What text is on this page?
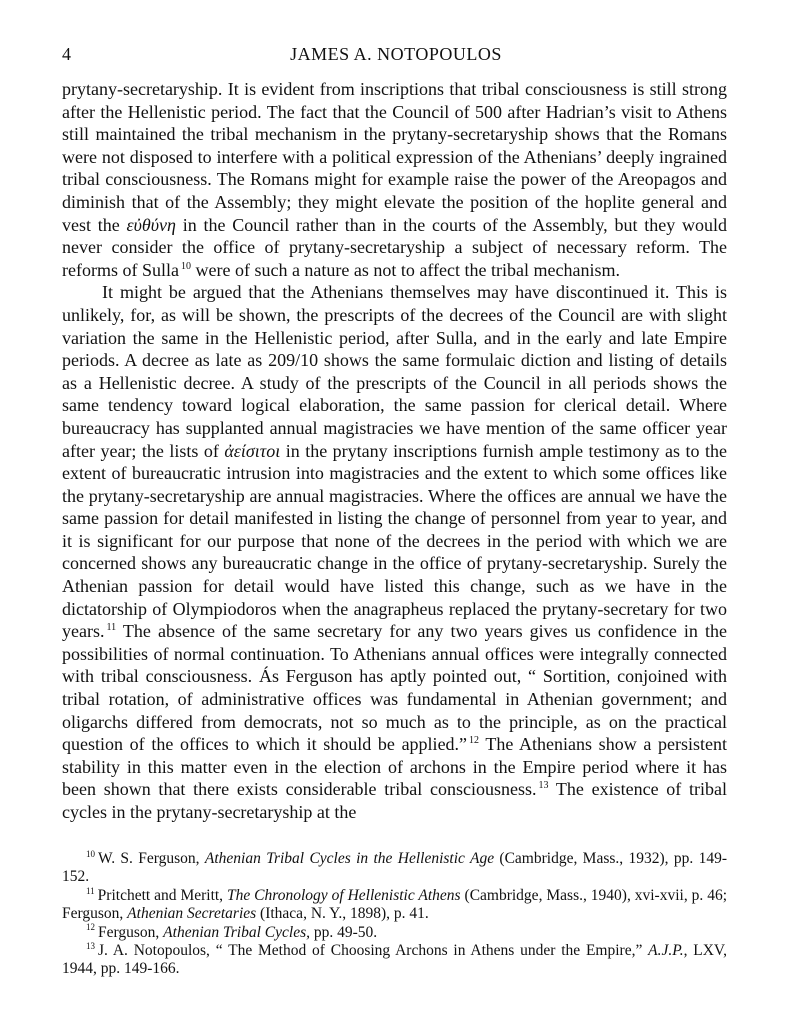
4	JAMES A. NOTOPOULOS

prytany-secretaryship. It is evident from inscriptions that tribal consciousness is still strong after the Hellenistic period. The fact that the Council of 500 after Hadrian’s visit to Athens still maintained the tribal mechanism in the prytany-secretaryship shows that the Romans were not disposed to interfere with a political expression of the Athenians’ deeply ingrained tribal consciousness. The Romans might for example raise the power of the Areopagos and diminish that of the Assembly; they might elevate the position of the hoplite general and vest the εὐθύνη in the Council rather than in the courts of the Assembly, but they would never consider the office of prytany-secretaryship a subject of necessary reform. The reforms of Sulla $^{10}$ were of such a nature as not to affect the tribal mechanism.

It might be argued that the Athenians themselves may have discontinued it. This is unlikely, for, as will be shown, the prescripts of the decrees of the Council are with slight variation the same in the Hellenistic period, after Sulla, and in the early and late Empire periods. A decree as late as 209/10 shows the same formulaic diction and listing of details as a Hellenistic decree. A study of the prescripts of the Council in all periods shows the same tendency toward logical elaboration, the same passion for clerical detail. Where bureaucracy has supplanted annual magistracies we have mention of the same officer year after year; the lists of ἀείσιτοι in the prytany inscriptions furnish ample testimony as to the extent of bureaucratic intrusion into magistracies and the extent to which some offices like the prytany-secretaryship are annual magistracies. Where the offices are annual we have the same passion for detail manifested in listing the change of personnel from year to year, and it is significant for our purpose that none of the decrees in the period with which we are concerned shows any bureaucratic change in the office of prytany-secretaryship. Surely the Athenian passion for detail would have listed this change, such as we have in the dictatorship of Olympiodoros when the anagrapheus replaced the prytany-secretary for two years. $^{11}$ The absence of the same secretary for any two years gives us confidence in the possibilities of normal continuation. To Athenians annual offices were integrally connected with tribal consciousness. Ás Ferguson has aptly pointed out, “ Sortition, conjoined with tribal rotation, of administrative offices was fundamental in Athenian government; and oligarchs differed from democrats, not so much as to the principle, as on the practical question of the offices to which it should be applied.” $^{12}$ The Athenians show a persistent stability in this matter even in the election of archons in the Empire period where it has been shown that there exists considerable tribal consciousness. $^{13}$ The existence of tribal cycles in the prytany-secretaryship at the

$^{10}$ W. S. Ferguson, Athenian Tribal Cycles in the Hellenistic Age (Cambridge, Mass., 1932), pp. 149-152.

$^{11}$ Pritchett and Meritt, The Chronology of Hellenistic Athens (Cambridge, Mass., 1940), xvi-xvii, p. 46; Ferguson, Athenian Secretaries (Ithaca, N. Y., 1898), p. 41.

$^{12}$ Ferguson, Athenian Tribal Cycles, pp. 49-50.

$^{13}$ J. A. Notopoulos, “ The Method of Choosing Archons in Athens under the Empire,” A.J.P., LXV, 1944, pp. 149-166.
